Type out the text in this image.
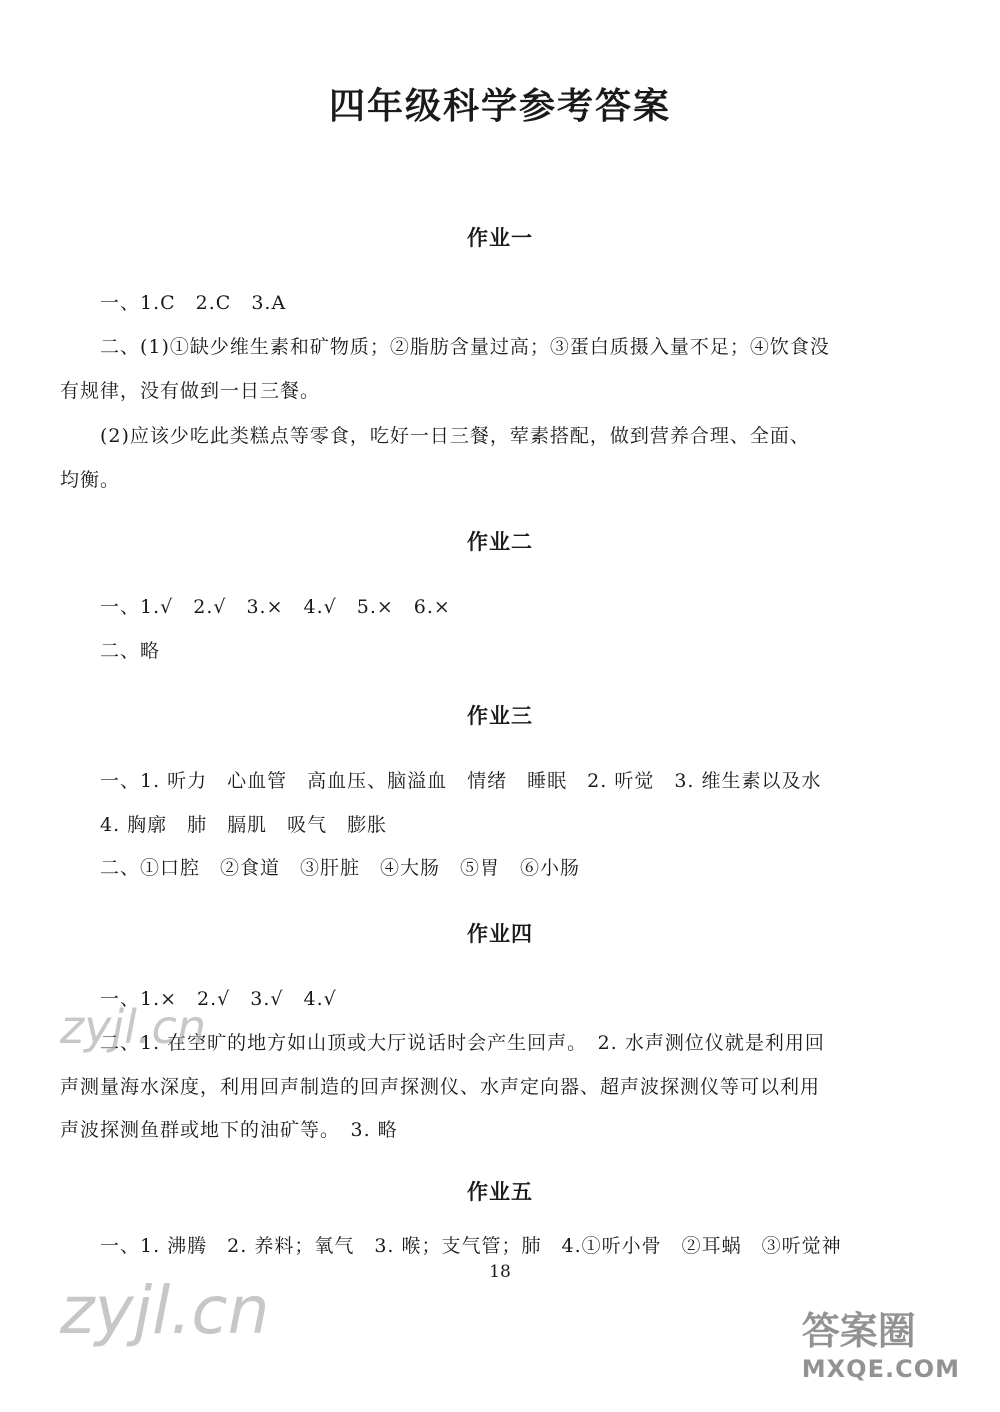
四年级科学参考答案
作业一
一、1.C　2.C　3.A
二、(1)①缺少维生素和矿物质；②脂肪含量过高；③蛋白质摄入量不足；④饮食没
有规律，没有做到一日三餐。
(2)应该少吃此类糕点等零食，吃好一日三餐，荤素搭配，做到营养合理、全面、
均衡。
作业二
一、1.√　2.√　3.×　4.√　5.×　6.×
二、略
作业三
一、1. 听力　心血管　高血压、脑溢血　情绪　睡眠　2. 听觉　3. 维生素以及水
4. 胸廓　肺　膈肌　吸气　膨胀
二、①口腔　②食道　③肝脏　④大肠　⑤胃　⑥小肠
作业四
一、1.×　2.√　3.√　4.√
二、1. 在空旷的地方如山顶或大厅说话时会产生回声。　2. 水声测位仪就是利用回
声测量海水深度，利用回声制造的回声探测仪、水声定向器、超声波探测仪等可以利用
声波探测鱼群或地下的油矿等。　3. 略
作业五
一、1. 沸腾　2. 养料；氧气　3. 喉；支气管；肺　4.①听小骨　②耳蜗　③听觉神
18
zyjl.cn
zyjl.cn	答案圈
MXQE.COM
